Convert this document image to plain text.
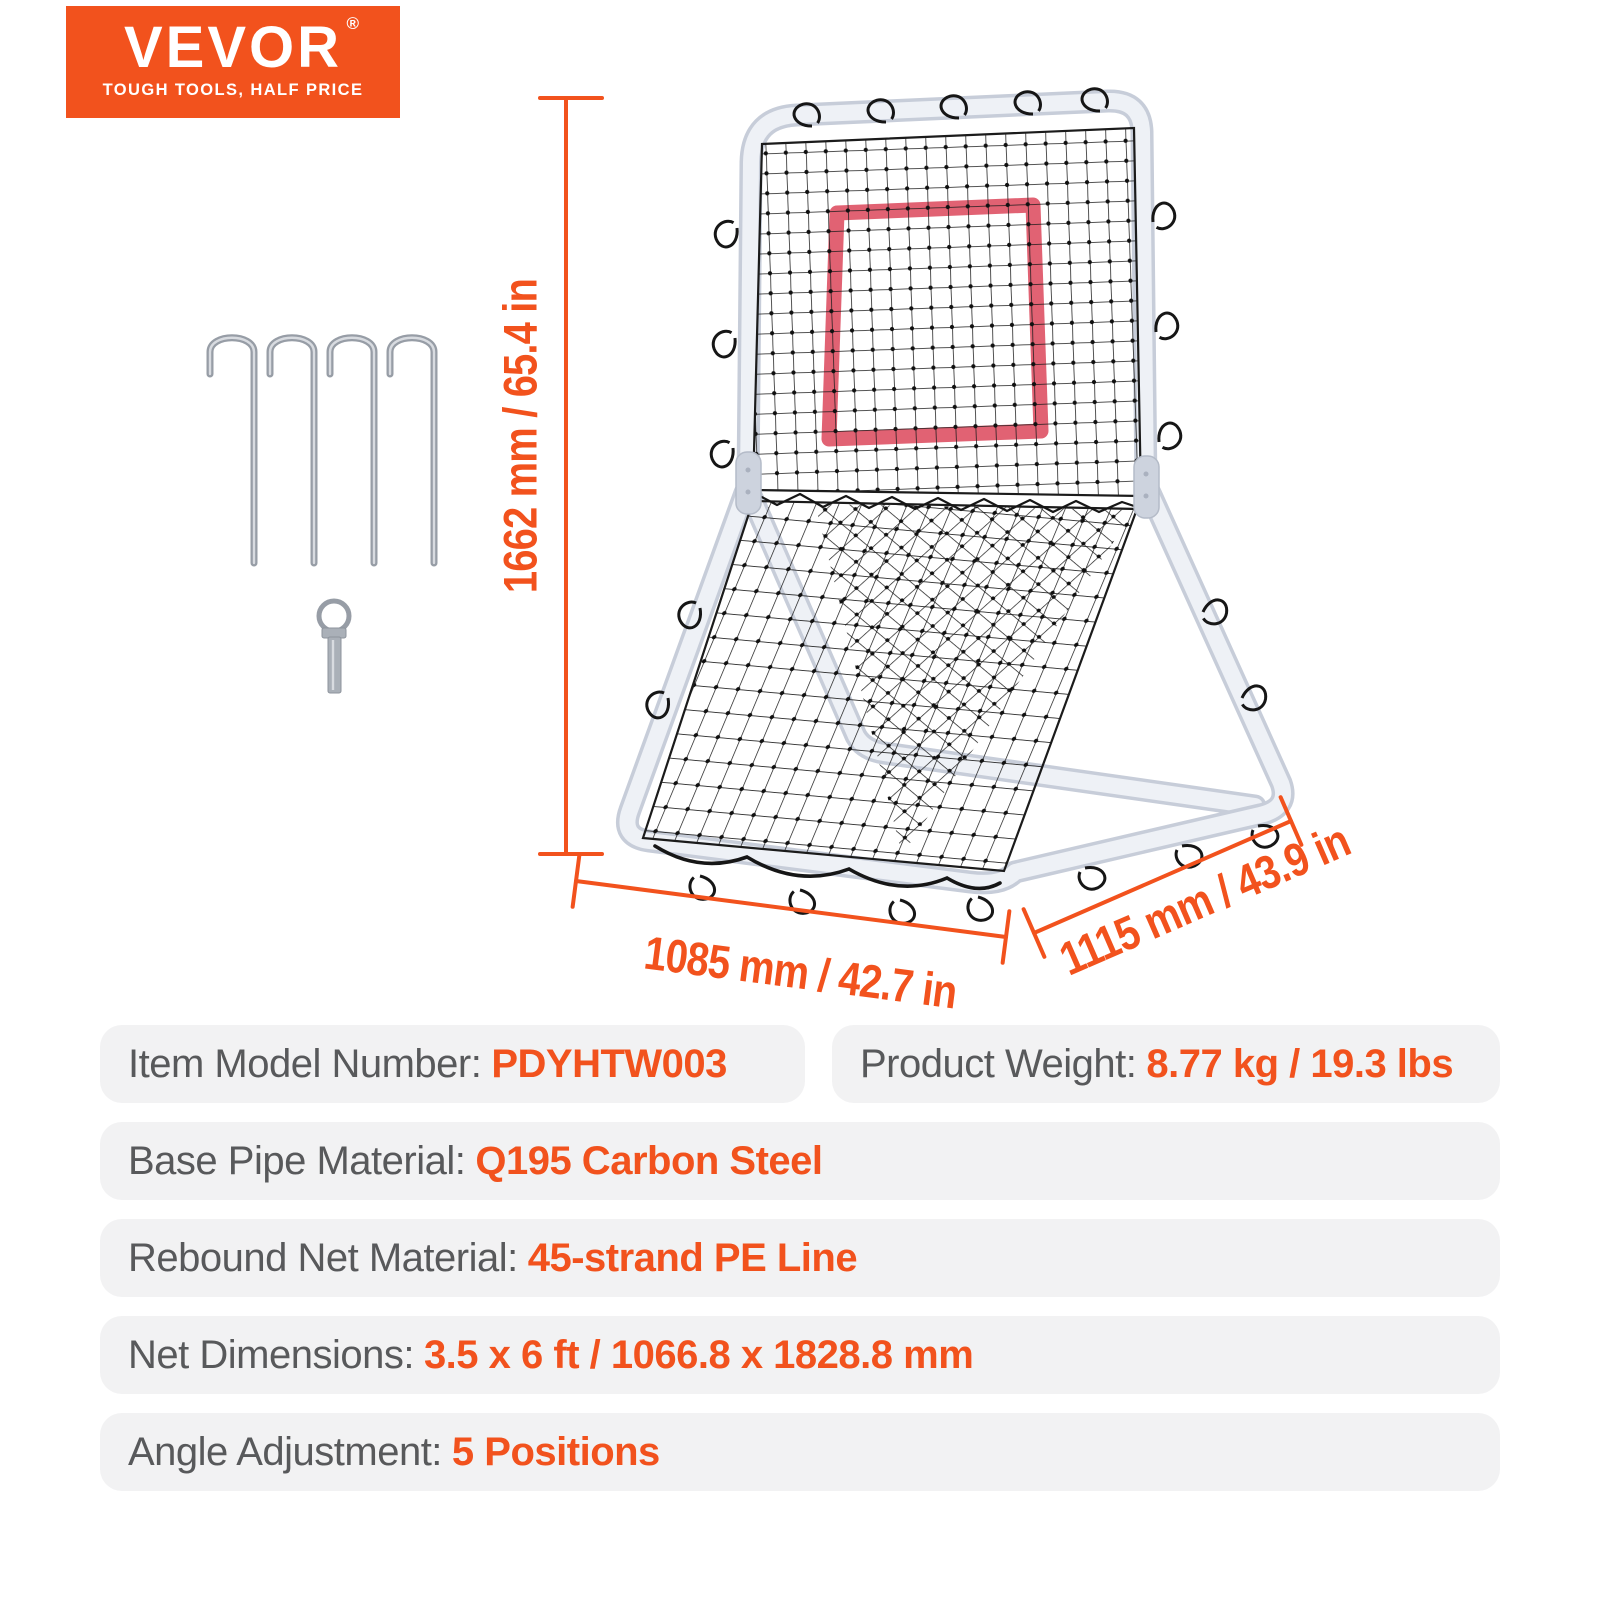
1662 mm / 65.4 in
1085 mm / 42.7 in 1115 mm / 43.9 in
VEVOR ®
TOUGH TOOLS, HALF PRICE
Item Model Number: PDYHTW003	Product Weight: 8.77 kg / 19.3 lbs
Base Pipe Material: Q195 Carbon Steel
Rebound Net Material: 45-strand PE Line
Net Dimensions: 3.5 x 6 ft / 1066.8 x 1828.8 mm
Angle Adjustment: 5 Positions
